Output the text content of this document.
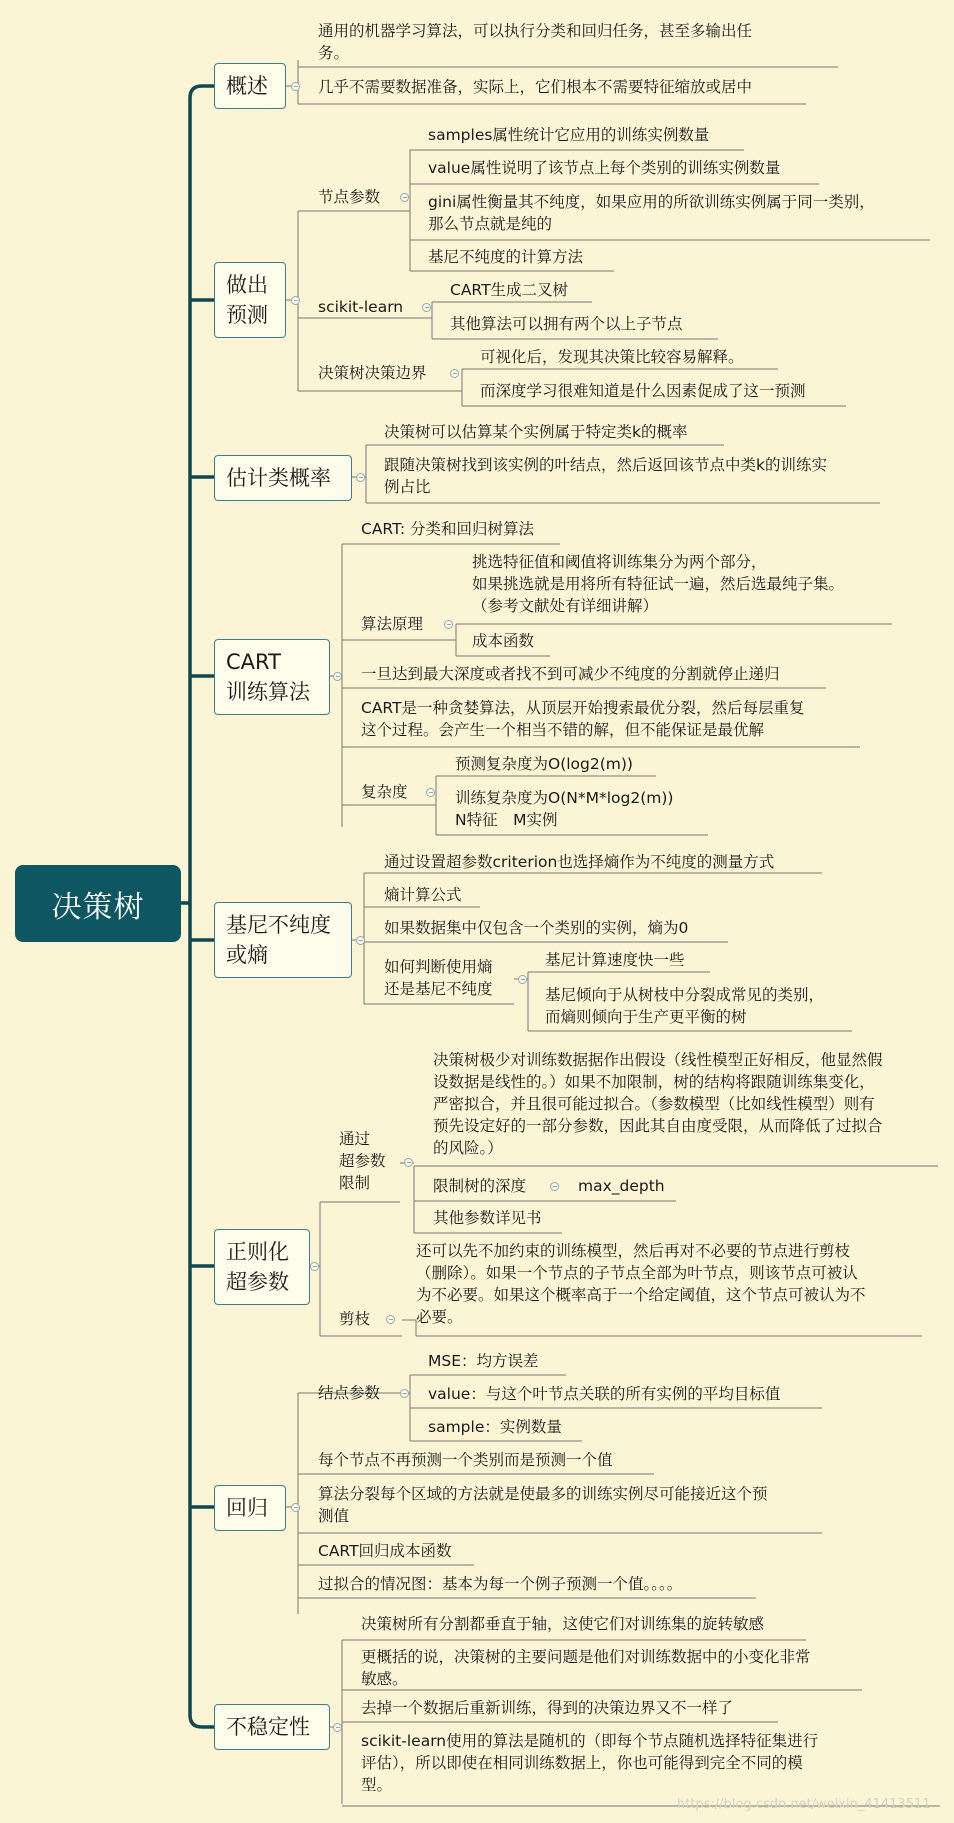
决策树
概述
通用的机器学习算法，可以执行分类和回归任务，甚至多输出任
务。
几乎不需要数据准备，实际上，它们根本不需要特征缩放或居中
做出
预测
节点参数
samples属性统计它应用的训练实例数量
value属性说明了该节点上每个类别的训练实例数量
gini属性衡量其不纯度，如果应用的所欲训练实例属于同一类别，
那么节点就是纯的
基尼不纯度的计算方法
scikit-learn
CART生成二叉树
其他算法可以拥有两个以上子节点
决策树决策边界
可视化后，发现其决策比较容易解释。
而深度学习很难知道是什么因素促成了这一预测
估计类概率
决策树可以估算某个实例属于特定类k的概率
跟随决策树找到该实例的叶结点，然后返回该节点中类k的训练实
例占比
CART
训练算法
CART: 分类和回归树算法
算法原理
挑选特征值和阈值将训练集分为两个部分，
如果挑选就是用将所有特征试一遍，然后选最纯子集。
（参考文献处有详细讲解）
成本函数
一旦达到最大深度或者找不到可减少不纯度的分割就停止递归
CART是一种贪婪算法，从顶层开始搜索最优分裂，然后每层重复
这个过程。会产生一个相当不错的解，但不能保证是最优解
复杂度
预测复杂度为O(log2(m))
训练复杂度为O(N*M*log2(m))
N特征　M实例
基尼不纯度
或熵
通过设置超参数criterion也选择熵作为不纯度的测量方式
熵计算公式
如果数据集中仅包含一个类别的实例，熵为0
如何判断使用熵
还是基尼不纯度
基尼计算速度快一些
基尼倾向于从树枝中分裂成常见的类别，
而熵则倾向于生产更平衡的树
正则化
超参数
通过
超参数
限制
决策树极少对训练数据据作出假设（线性模型正好相反，他显然假
设数据是线性的。）如果不加限制，树的结构将跟随训练集变化，
严密拟合，并且很可能过拟合。（参数模型（比如线性模型）则有
预先设定好的一部分参数，因此其自由度受限，从而降低了过拟合
的风险。）
限制树的深度	max_depth
其他参数详见书
剪枝
还可以先不加约束的训练模型，然后再对不必要的节点进行剪枝
（删除）。如果一个节点的子节点全部为叶节点，则该节点可被认
为不必要。如果这个概率高于一个给定阈值，这个节点可被认为不
必要。
回归
结点参数
MSE：均方误差
value：与这个叶节点关联的所有实例的平均目标值
sample：实例数量
每个节点不再预测一个类别而是预测一个值
算法分裂每个区域的方法就是使最多的训练实例尽可能接近这个预
测值
CART回归成本函数
过拟合的情况图：基本为每一个例子预测一个值。。。。
不稳定性
决策树所有分割都垂直于轴，这使它们对训练集的旋转敏感
更概括的说，决策树的主要问题是他们对训练数据中的小变化非常
敏感。
去掉一个数据后重新训练，得到的决策边界又不一样了
scikit-learn使用的算法是随机的（即每个节点随机选择特征集进行
评估），所以即使在相同训练数据上，你也可能得到完全不同的模
型。
https://blog.csdn.net/weixin_41413511
